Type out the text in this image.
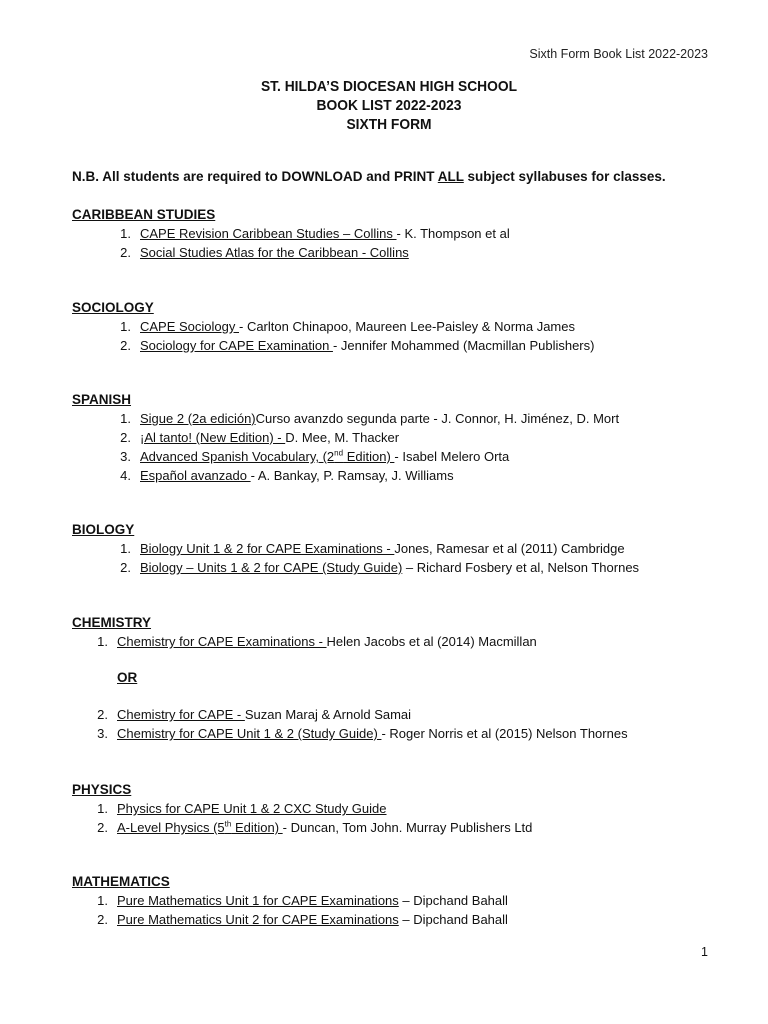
Sixth Form Book List 2022-2023
ST. HILDA’S DIOCESAN HIGH SCHOOL
BOOK LIST 2022-2023
SIXTH FORM
N.B. All students are required to DOWNLOAD and PRINT ALL subject syllabuses for classes.
CARIBBEAN STUDIES
1. CAPE Revision Caribbean Studies – Collins - K. Thompson et al
2. Social Studies Atlas for the Caribbean - Collins
SOCIOLOGY
1. CAPE Sociology - Carlton Chinapoo, Maureen Lee-Paisley & Norma James
2. Sociology for CAPE Examination - Jennifer Mohammed (Macmillan Publishers)
SPANISH
1. Sigue 2 (2a edición)Curso avanzdo segunda parte - J. Connor, H. Jiménez, D. Mort
2. ¡Al tanto! (New Edition) - D. Mee, M. Thacker
3. Advanced Spanish Vocabulary, (2nd Edition) - Isabel Melero Orta
4. Español avanzado - A. Bankay, P. Ramsay, J. Williams
BIOLOGY
1. Biology Unit 1 & 2 for CAPE Examinations - Jones, Ramesar et al (2011) Cambridge
2. Biology – Units 1 & 2 for CAPE (Study Guide) – Richard Fosbery et al, Nelson Thornes
CHEMISTRY
1. Chemistry for CAPE Examinations - Helen Jacobs et al (2014) Macmillan
OR
2. Chemistry for CAPE - Suzan Maraj & Arnold Samai
3. Chemistry for CAPE Unit 1 & 2 (Study Guide) - Roger Norris et al (2015) Nelson Thornes
PHYSICS
1. Physics for CAPE Unit 1 & 2 CXC Study Guide
2. A-Level Physics (5th Edition) - Duncan, Tom John. Murray Publishers Ltd
MATHEMATICS
1. Pure Mathematics Unit 1 for CAPE Examinations – Dipchand Bahall
2. Pure Mathematics Unit 2 for CAPE Examinations – Dipchand Bahall
1
